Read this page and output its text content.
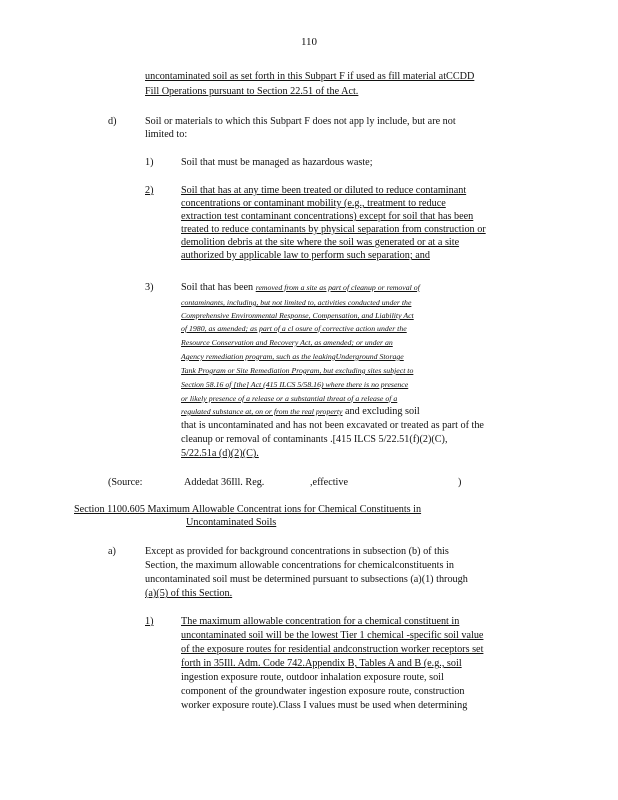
110
uncontaminated soil as set forth in this Subpart F if used as fill material atCCDD
Fill Operations pursuant to Section 22.51 of the Act.
d)	Soil or materials to which this Subpart F does not app ly include, but are not
limited to:
1)	Soil that must be managed as hazardous waste;
2)	Soil that has at any time been treated or diluted to reduce contaminant
concentrations or contaminant mobility (e.g., treatment to reduce
extraction test contaminant concentrations) except for soil that has been
treated to reduce contaminants by physical separation from construction or
demolition debris at the site where the soil was generated or at a site
authorized by applicable law to perform such separation; and
3)	Soil that has been removed from a site as part of cleanup or removal of
contaminants, including, but not limited to, activities conducted under the
Comprehensive Environmental Response, Compensation, and Liability Act
of 1980, as amended; as part of a cl osure of corrective action under the
Resource Conservation and Recovery Act, as amended; or under an
Agency remediation program, such as the leakingUnderground Storage
Tank Program or Site Remediation Program, but excluding sites subject to
Section 58.16 of [the] Act (415 ILCS 5/58.16) where there is no presence
or likely presence of a release or a substantial threat of a release of a
regulated substance at, on or from the real property and excluding soil
that is uncontaminated and has not been excavated or treated as part of the
cleanup or removal of contaminants .[415 ILCS 5/22.51(f)(2)(C),
5/22.51a (d)(2)(C).
(Source:	Addedat 36Ill. Reg.	,effective	)
Section 1100.605 Maximum Allowable Concentrat ions for Chemical Constituents in
Uncontaminated Soils
a)	Except as provided for background concentrations in subsection (b) of this
Section, the maximum allowable concentrations for chemicalconstituents in
uncontaminated soil must be determined pursuant to subsections (a)(1) through
(a)(5) of this Section.
1)	The maximum allowable concentration for a chemical constituent in
uncontaminated soil will be the lowest Tier 1 chemical -specific soil value
of the exposure routes for residential andconstruction worker receptors set
forth in 35Ill. Adm. Code 742.Appendix B, Tables A and B (e.g., soil
ingestion exposure route, outdoor inhalation exposure route, soil
component of the groundwater ingestion exposure route, construction
worker exposure route).Class I values must be used when determining
